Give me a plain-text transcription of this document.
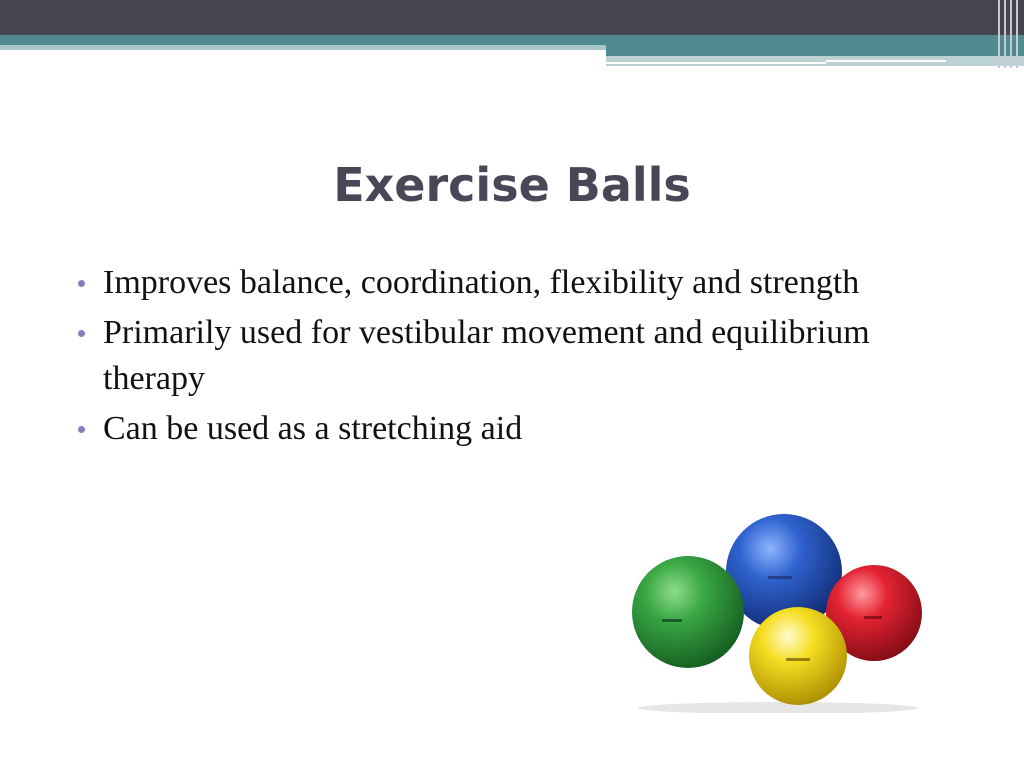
Exercise Balls
Improves balance, coordination, flexibility and strength
Primarily used for vestibular movement and equilibrium therapy
Can be used as a stretching aid
